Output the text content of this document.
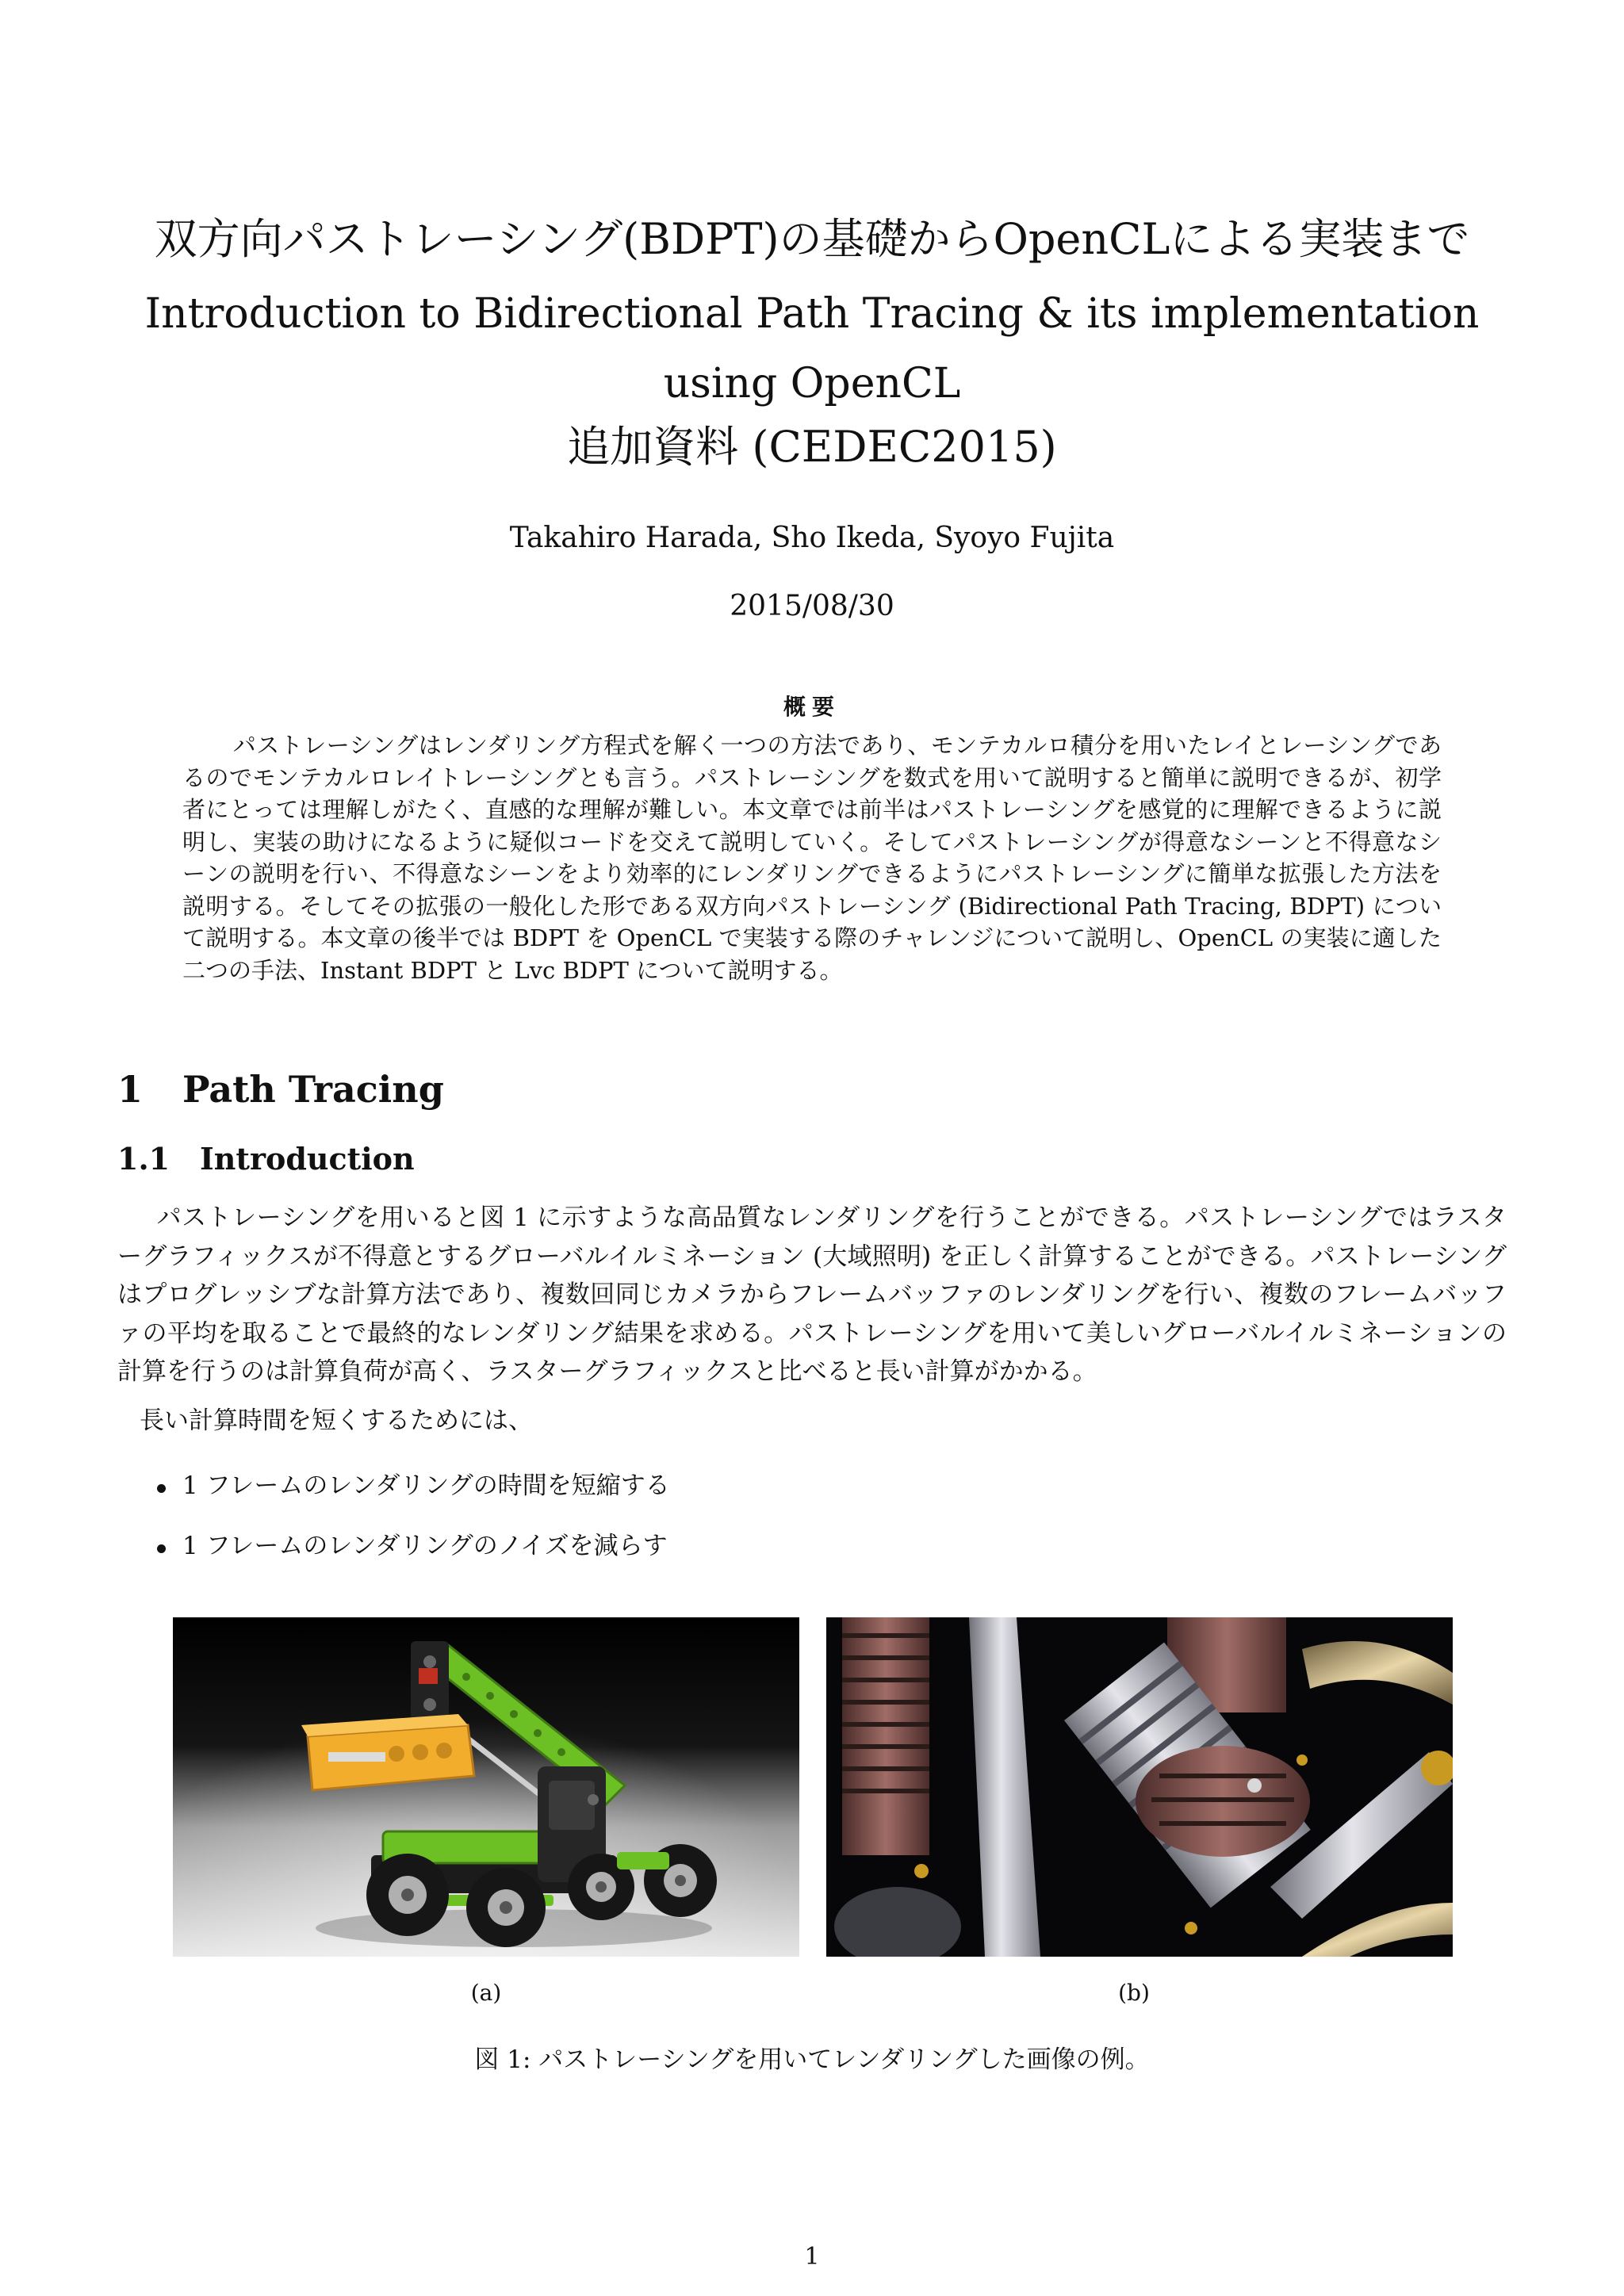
双方向パストレーシング(BDPT)の基礎からOpenCLによる実装まで
Introduction to Bidirectional Path Tracing & its implementation using OpenCL
追加資料 (CEDEC2015)

Takahiro Harada, Sho Ikeda, Syoyo Fujita

2015/08/30

概要

パストレーシングはレンダリング方程式を解く一つの方法であり、モンテカルロ積分を用いたレイとレーシングであるのでモンテカルロレイトレーシングとも言う。パストレーシングを数式を用いて説明すると簡単に説明できるが、初学者にとっては理解しがたく、直感的な理解が難しい。本文章では前半はパストレーシングを感覚的に理解できるように説明し、実装の助けになるように疑似コードを交えて説明していく。そしてパストレーシングが得意なシーンと不得意なシーンの説明を行い、不得意なシーンをより効率的にレンダリングできるようにパストレーシングに簡単な拡張した方法を説明する。そしてその拡張の一般化した形である双方向パストレーシング (Bidirectional Path Tracing, BDPT) について説明する。本文章の後半では BDPT を OpenCL で実装する際のチャレンジについて説明し、OpenCL の実装に適した二つの手法、Instant BDPT と Lvc BDPT について説明する。

1 Path Tracing
1.1 Introduction

パストレーシングを用いると図 1 に示すような高品質なレンダリングを行うことができる。パストレーシングではラスターグラフィックスが不得意とするグローバルイルミネーション (大域照明) を正しく計算することができる。パストレーシングはプログレッシブな計算方法であり、複数回同じカメラからフレームバッファのレンダリングを行い、複数のフレームバッファの平均を取ることで最終的なレンダリング結果を求める。パストレーシングを用いて美しいグローバルイルミネーションの計算を行うのは計算負荷が高く、ラスターグラフィックスと比べると長い計算がかかる。

長い計算時間を短くするためには、

1 フレームのレンダリングの時間を短縮する
1 フレームのレンダリングのノイズを減らす

(a)	(b)

図 1: パストレーシングを用いてレンダリングした画像の例。

1
